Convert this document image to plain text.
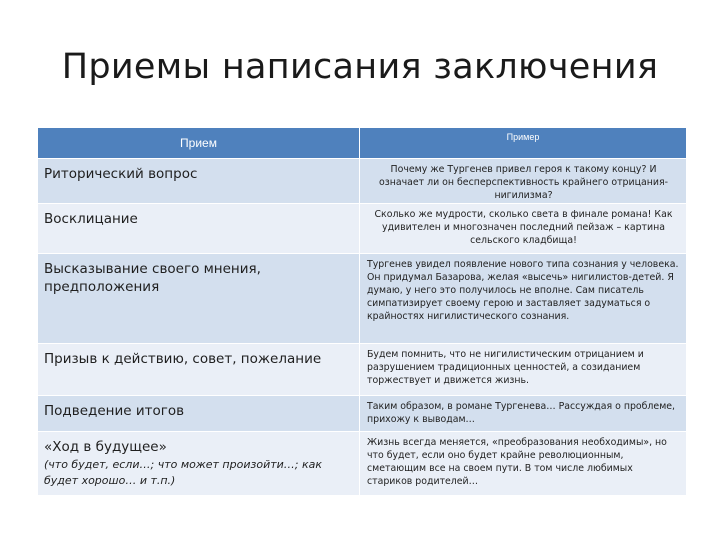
Приемы написания заключения
Прием	Пример
Риторический вопрос	Почему же Тургенев привел героя к такому концу? И означает ли он бесперспективность крайнего отрицания-нигилизма?
Восклицание	Сколько же мудрости, сколько света в финале романа! Как удивителен и многозначен последний пейзаж – картина сельского кладбища!
Высказывание своего мнения, предположения	Тургенев увидел появление нового типа сознания у человека. Он придумал Базарова, желая «высечь» нигилистов-детей. Я думаю, у него это получилось не вполне. Сам писатель симпатизирует своему герою и заставляет задуматься о крайностях нигилистического сознания.
Призыв к действию, совет, пожелание	Будем помнить, что не нигилистическим отрицанием и разрушением традиционных ценностей, а созиданием торжествует и движется жизнь.
Подведение итогов	Таким образом, в романе Тургенева… Рассуждая о проблеме, прихожу к выводам…
«Ход в будущее»
(что будет, если…; что может произойти…; как будет хорошо… и т.п.)	Жизнь всегда меняется, «преобразования необходимы», но что будет, если оно будет крайне революционным, сметающим все на своем пути. В том числе любимых стариков родителей…
